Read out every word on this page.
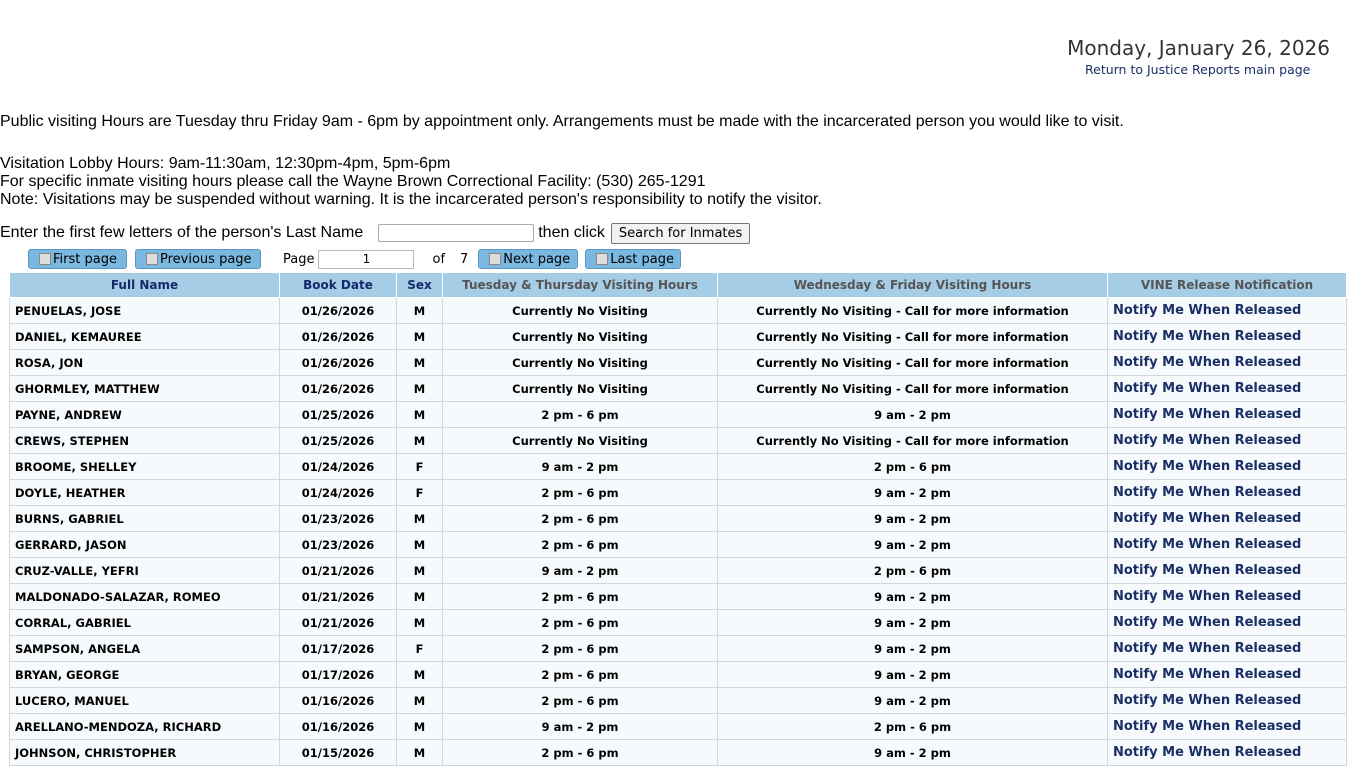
Monday, January 26, 2026
Return to Justice Reports main page
Public visiting Hours are Tuesday thru Friday 9am - 6pm by appointment only. Arrangements must be made with the incarcerated person you would like to visit.
Visitation Lobby Hours: 9am-11:30am, 12:30pm-4pm, 5pm-6pm
For specific inmate visiting hours please call the Wayne Brown Correctional Facility: (530) 265-1291
Note: Visitations may be suspended without warning. It is the incarcerated person's responsibility to notify the visitor.
Enter the first few letters of the person's Last Name	then click	Search for Inmates
First page	Previous page Page
1	of 7	Next page	Last page
Full Name	Book Date	Sex	Tuesday & Thursday Visiting Hours	Wednesday & Friday Visiting Hours	VINE Release Notification
PENUELAS, JOSE	01/26/2026	M	Currently No Visiting	Currently No Visiting - Call for more information	Notify Me When Released
DANIEL, KEMAUREE	01/26/2026	M	Currently No Visiting	Currently No Visiting - Call for more information	Notify Me When Released
ROSA, JON	01/26/2026	M	Currently No Visiting	Currently No Visiting - Call for more information	Notify Me When Released
GHORMLEY, MATTHEW	01/26/2026	M	Currently No Visiting	Currently No Visiting - Call for more information	Notify Me When Released
PAYNE, ANDREW	01/25/2026	M	2 pm - 6 pm	9 am - 2 pm	Notify Me When Released
CREWS, STEPHEN	01/25/2026	M	Currently No Visiting	Currently No Visiting - Call for more information	Notify Me When Released
BROOME, SHELLEY	01/24/2026	F	9 am - 2 pm	2 pm - 6 pm	Notify Me When Released
DOYLE, HEATHER	01/24/2026	F	2 pm - 6 pm	9 am - 2 pm	Notify Me When Released
BURNS, GABRIEL	01/23/2026	M	2 pm - 6 pm	9 am - 2 pm	Notify Me When Released
GERRARD, JASON	01/23/2026	M	2 pm - 6 pm	9 am - 2 pm	Notify Me When Released
CRUZ-VALLE, YEFRI	01/21/2026	M	9 am - 2 pm	2 pm - 6 pm	Notify Me When Released
MALDONADO-SALAZAR, ROMEO	01/21/2026	M	2 pm - 6 pm	9 am - 2 pm	Notify Me When Released
CORRAL, GABRIEL	01/21/2026	M	2 pm - 6 pm	9 am - 2 pm	Notify Me When Released
SAMPSON, ANGELA	01/17/2026	F	2 pm - 6 pm	9 am - 2 pm	Notify Me When Released
BRYAN, GEORGE	01/17/2026	M	2 pm - 6 pm	9 am - 2 pm	Notify Me When Released
LUCERO, MANUEL	01/16/2026	M	2 pm - 6 pm	9 am - 2 pm	Notify Me When Released
ARELLANO-MENDOZA, RICHARD	01/16/2026	M	9 am - 2 pm	2 pm - 6 pm	Notify Me When Released
JOHNSON, CHRISTOPHER	01/15/2026	M	2 pm - 6 pm	9 am - 2 pm	Notify Me When Released
